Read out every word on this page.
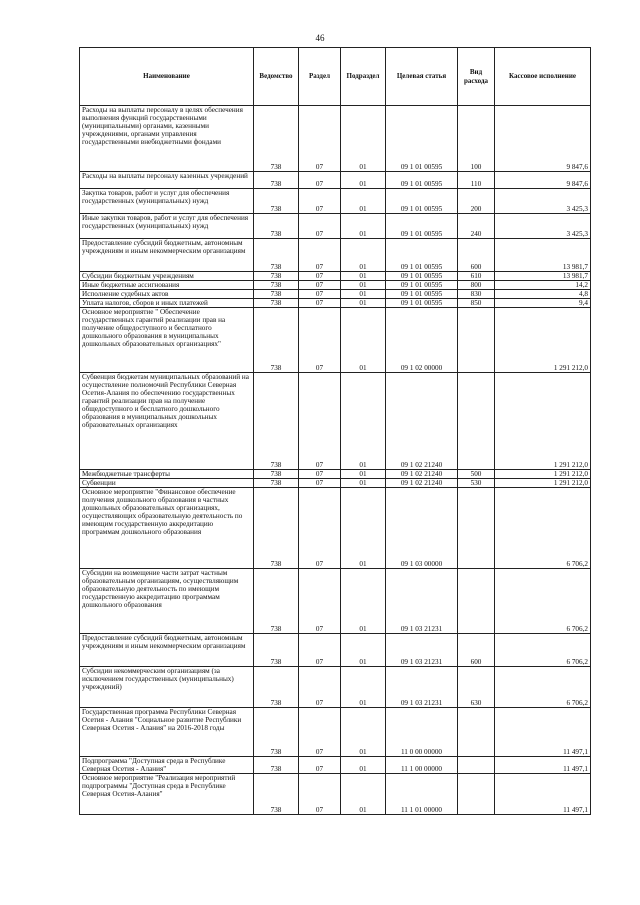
46
Наименование	Ведомство	Раздел	Подраздел	Целевая статья	Вид расхода	Кассовое исполнение
Расходы на выплаты персоналу в целях обеспечения выполнения функций государственными (муниципальными) органами, казенными учреждениями, органами управления государственными внебюджетными фондами	738	07	01	09 1 01 00595	100	9 847,6
Расходы на выплаты персоналу казенных учреждений	738	07	01	09 1 01 00595	110	9 847,6
Закупка товаров, работ и услуг для обеспечения государственных (муниципальных) нужд	738	07	01	09 1 01 00595	200	3 425,3
Иные закупки товаров, работ и услуг для обеспечения государственных (муниципальных) нужд	738	07	01	09 1 01 00595	240	3 425,3
Предоставление субсидий бюджетным, автономным учреждениям и иным некоммерческим организациям	738	07	01	09 1 01 00595	600	13 981,7
Субсидии бюджетным учреждениям	738	07	01	09 1 01 00595	610	13 981,7
Иные бюджетные ассигнования	738	07	01	09 1 01 00595	800	14,2
Исполнение судебных актов	738	07	01	09 1 01 00595	830	4,8
Уплата налогов, сборов и иных платежей	738	07	01	09 1 01 00595	850	9,4
Основное мероприятие " Обеспечение государственных гарантий реализации прав на получение общедоступного и бесплатного дошкольного образования в муниципальных дошкольных образовательных организациях"	738	07	01	09 1 02 00000		1 291 212,0
Субвенция бюджетам муниципальных образований на осуществление полномочий Республики Северная Осетия-Алания по обеспечению государственных гарантий реализации прав на получение общедоступного и бесплатного дошкольного образования в муниципальных дошкольных образовательных организациях	738	07	01	09 1 02 21240		1 291 212,0
Межбюджетные трансферты	738	07	01	09 1 02 21240	500	1 291 212,0
Субвенции	738	07	01	09 1 02 21240	530	1 291 212,0
Основное мероприятие "Финансовое обеспечение получения дошкольного образования в частных дошкольных образовательных организациях, осуществляющих образовательную деятельность по имеющим государственную аккредитацию программам дошкольного образования	738	07	01	09 1 03 00000		6 706,2
Субсидии на возмещение части затрат частным образовательным организациям, осуществляющим образовательную деятельность по имеющим государственную аккредитацию программам дошкольного образования	738	07	01	09 1 03 21231		6 706,2
Предоставление субсидий бюджетным, автономным учреждениям и иным некоммерческим организациям	738	07	01	09 1 03 21231	600	6 706,2
Субсидии некоммерческим организациям (за исключением государственных (муниципальных) учреждений)	738	07	01	09 1 03 21231	630	6 706,2
Государственная программа Республики Северная Осетия - Алания "Социальное развитие Республики Северная Осетия - Алания" на 2016-2018 годы	738	07	01	11 0 00 00000		11 497,1
Подпрограмма "Доступная среда в Республике Северная Осетия - Алания"	738	07	01	11 1 00 00000		11 497,1
Основное мероприятие "Реализация мероприятий подпрограммы "Доступная среда в Республике Северная Осетия-Алания"	738	07	01	11 1 01 00000		11 497,1
